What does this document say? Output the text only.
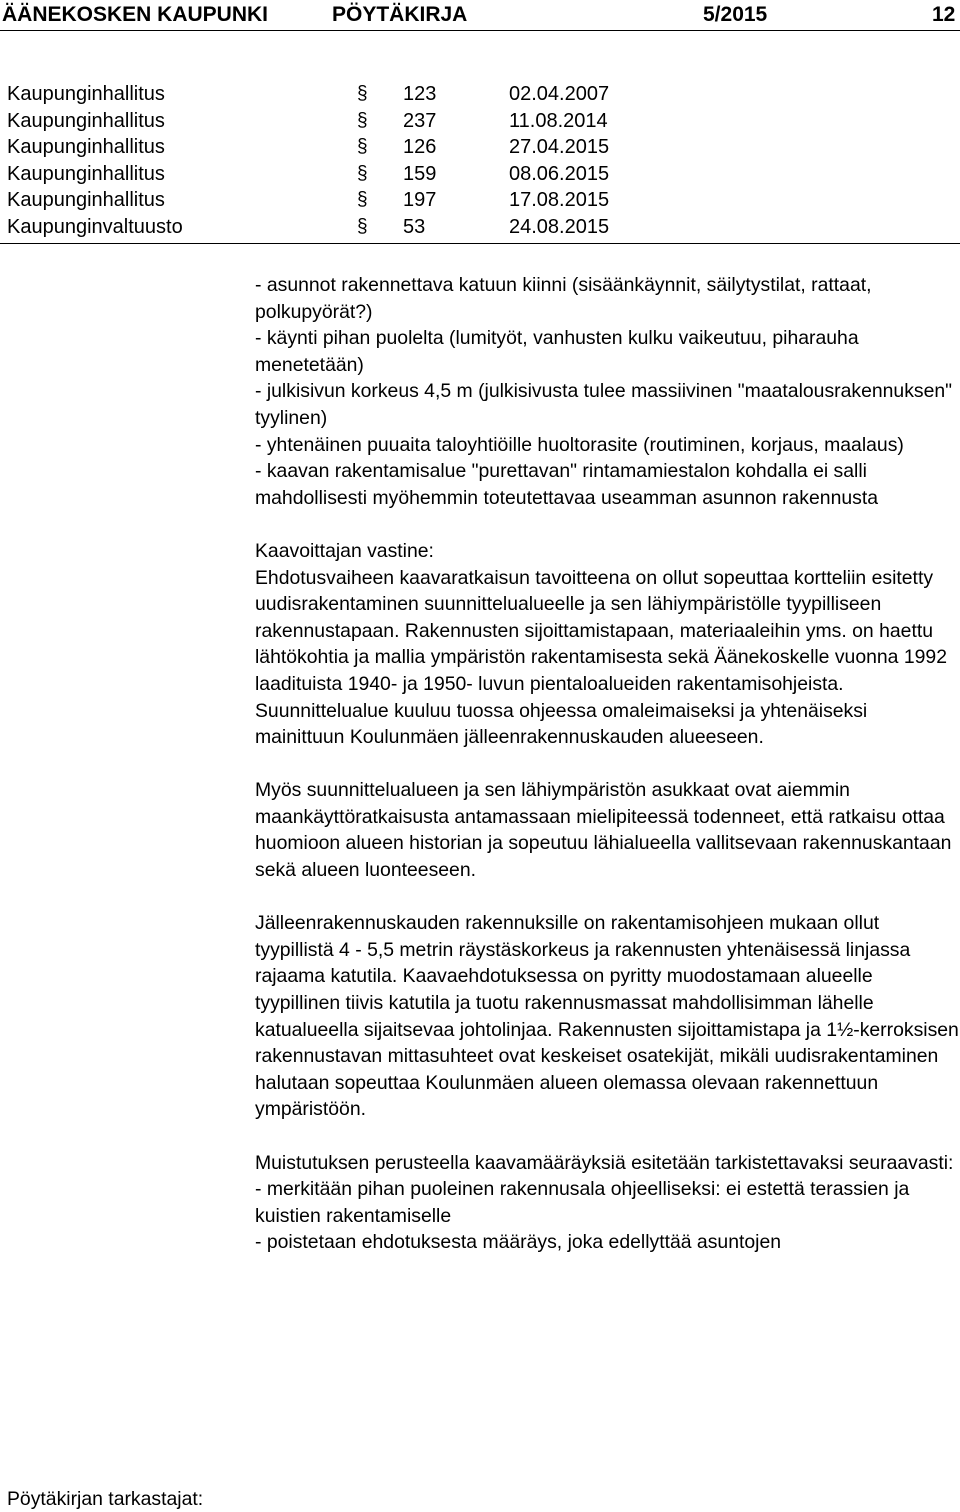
ÄÄNEKOSKEN KAUPUNKI	PÖYTÄKIRJA	5/2015	12
Kaupunginhallitus	§ 123	02.04.2007
Kaupunginhallitus	§ 237	11.08.2014
Kaupunginhallitus	§ 126	27.04.2015
Kaupunginhallitus	§ 159	08.06.2015
Kaupunginhallitus	§ 197	17.08.2015
Kaupunginvaltuusto	§ 53	24.08.2015

- asunnot rakennettava katuun kiinni (sisäänkäynnit, säilytystilat, rattaat, polkupyörät?)
- käynti pihan puolelta (lumityöt, vanhusten kulku vaikeutuu, piharauha menetetään)
- julkisivun korkeus 4,5 m (julkisivusta tulee massiivinen "maatalousrakennuksen" tyylinen)
- yhtenäinen puuaita taloyhtiöille huoltorasite (routiminen, korjaus, maalaus)
- kaavan rakentamisalue "purettavan" rintamamiestalon kohdalla ei salli mahdollisesti myöhemmin toteutettavaa useamman asunnon rakennusta

Kaavoittajan vastine:

Ehdotusvaiheen kaavaratkaisun tavoitteena on ollut sopeuttaa kortteliin esitetty uudisrakentaminen suunnittelualueelle ja sen lähiympäristölle tyypilliseen rakennustapaan. Rakennusten sijoittamistapaan, materiaaleihin yms. on haettu lähtökohtia ja mallia ympäristön rakentamisesta sekä Äänekoskelle vuonna 1992 laadituista 1940- ja 1950- luvun pientaloalueiden rakentamisohjeista. Suunnittelualue kuuluu tuossa ohjeessa omaleimaiseksi ja yhtenäiseksi mainittuun Koulunmäen jälleenrakennuskauden alueeseen.

Myös suunnittelualueen ja sen lähiympäristön asukkaat ovat aiemmin maankäyttöratkaisusta antamassaan mielipiteessä todenneet, että ratkaisu ottaa huomioon alueen historian ja sopeutuu lähialueella vallitsevaan rakennuskantaan sekä alueen luonteeseen.

Jälleenrakennuskauden rakennuksille on rakentamisohjeen mukaan ollut tyypillistä 4 - 5,5 metrin räystäskorkeus ja rakennusten yhtenäisessä linjassa rajaama katutila. Kaavaehdotuksessa on pyritty muodostamaan alueelle tyypillinen tiivis katutila ja tuotu rakennusmassat mahdollisimman lähelle katualueella sijaitsevaa johtolinjaa. Rakennusten sijoittamistapa ja 1½-kerroksisen rakennustavan mittasuhteet ovat keskeiset osatekijät, mikäli uudisrakentaminen halutaan sopeuttaa Koulunmäen alueen olemassa olevaan rakennettuun ympäristöön.

Muistutuksen perusteella kaavamääräyksiä esitetään tarkistettavaksi seuraavasti:
- merkitään pihan puoleinen rakennusala ohjeelliseksi: ei estettä terassien ja kuistien rakentamiselle
- poistetaan ehdotuksesta määräys, joka edellyttää asuntojen

Pöytäkirjan tarkastajat:
